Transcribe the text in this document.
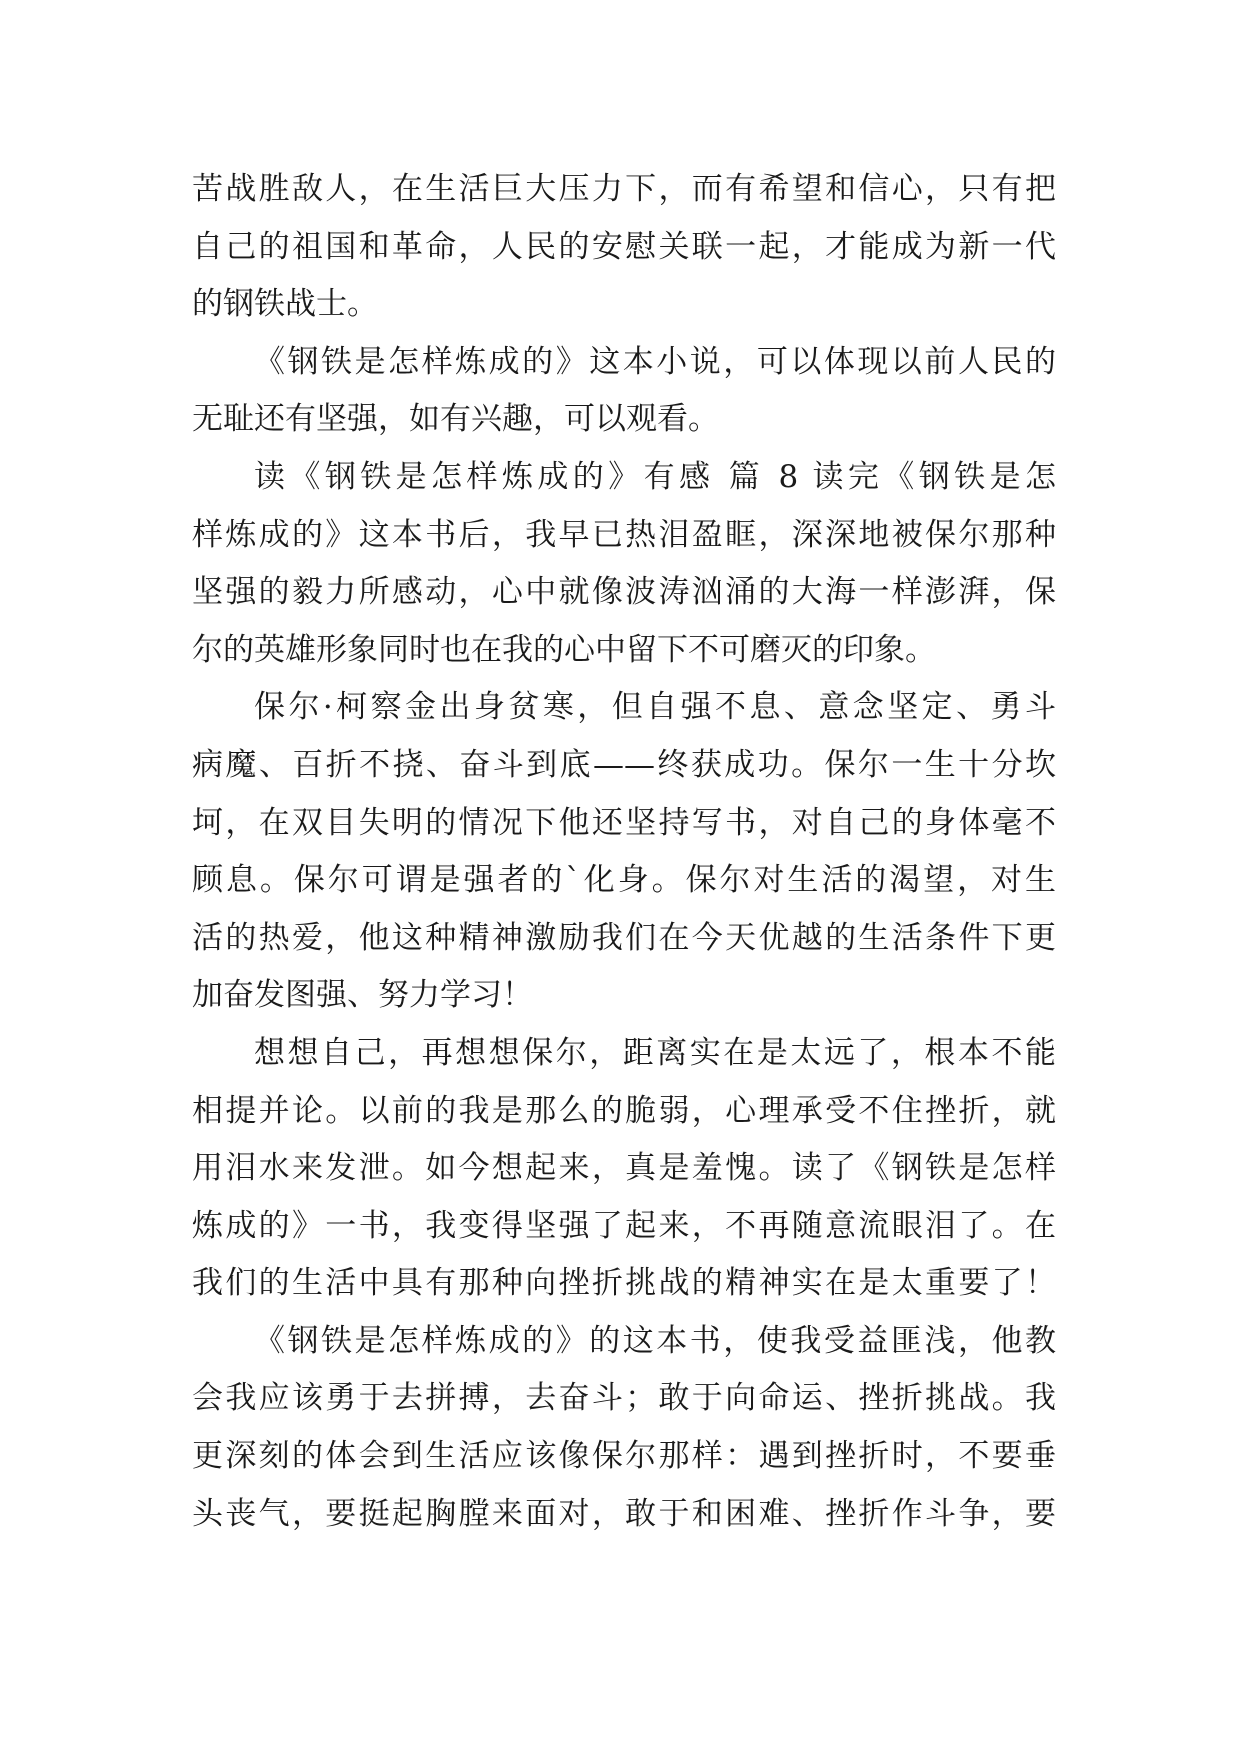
苦战胜敌人，在生活巨大压力下，而有希望和信心，只有把
自己的祖国和革命，人民的安慰关联一起，才能成为新一代
的钢铁战士。
《钢铁是怎样炼成的》这本小说，可以体现以前人民的
无耻还有坚强，如有兴趣，可以观看。
读《钢铁是怎样炼成的》有感 篇 8 读完《钢铁是怎
样炼成的》这本书后，我早已热泪盈眶，深深地被保尔那种
坚强的毅力所感动，心中就像波涛汹涌的大海一样澎湃，保
尔的英雄形象同时也在我的心中留下不可磨灭的印象。
保尔·柯察金出身贫寒，但自强不息、意念坚定、勇斗
病魔、百折不挠、奋斗到底——终获成功。保尔一生十分坎
坷，在双目失明的情况下他还坚持写书，对自己的身体毫不
顾息。保尔可谓是强者的`化身。保尔对生活的渴望，对生
活的热爱，他这种精神激励我们在今天优越的生活条件下更
加奋发图强、努力学习！
想想自己，再想想保尔，距离实在是太远了，根本不能
相提并论。以前的我是那么的脆弱，心理承受不住挫折，就
用泪水来发泄。如今想起来，真是羞愧。读了《钢铁是怎样
炼成的》一书，我变得坚强了起来，不再随意流眼泪了。在
我们的生活中具有那种向挫折挑战的精神实在是太重要了！
《钢铁是怎样炼成的》的这本书，使我受益匪浅，他教
会我应该勇于去拼搏，去奋斗；敢于向命运、挫折挑战。我
更深刻的体会到生活应该像保尔那样：遇到挫折时，不要垂
头丧气，要挺起胸膛来面对，敢于和困难、挫折作斗争，要
